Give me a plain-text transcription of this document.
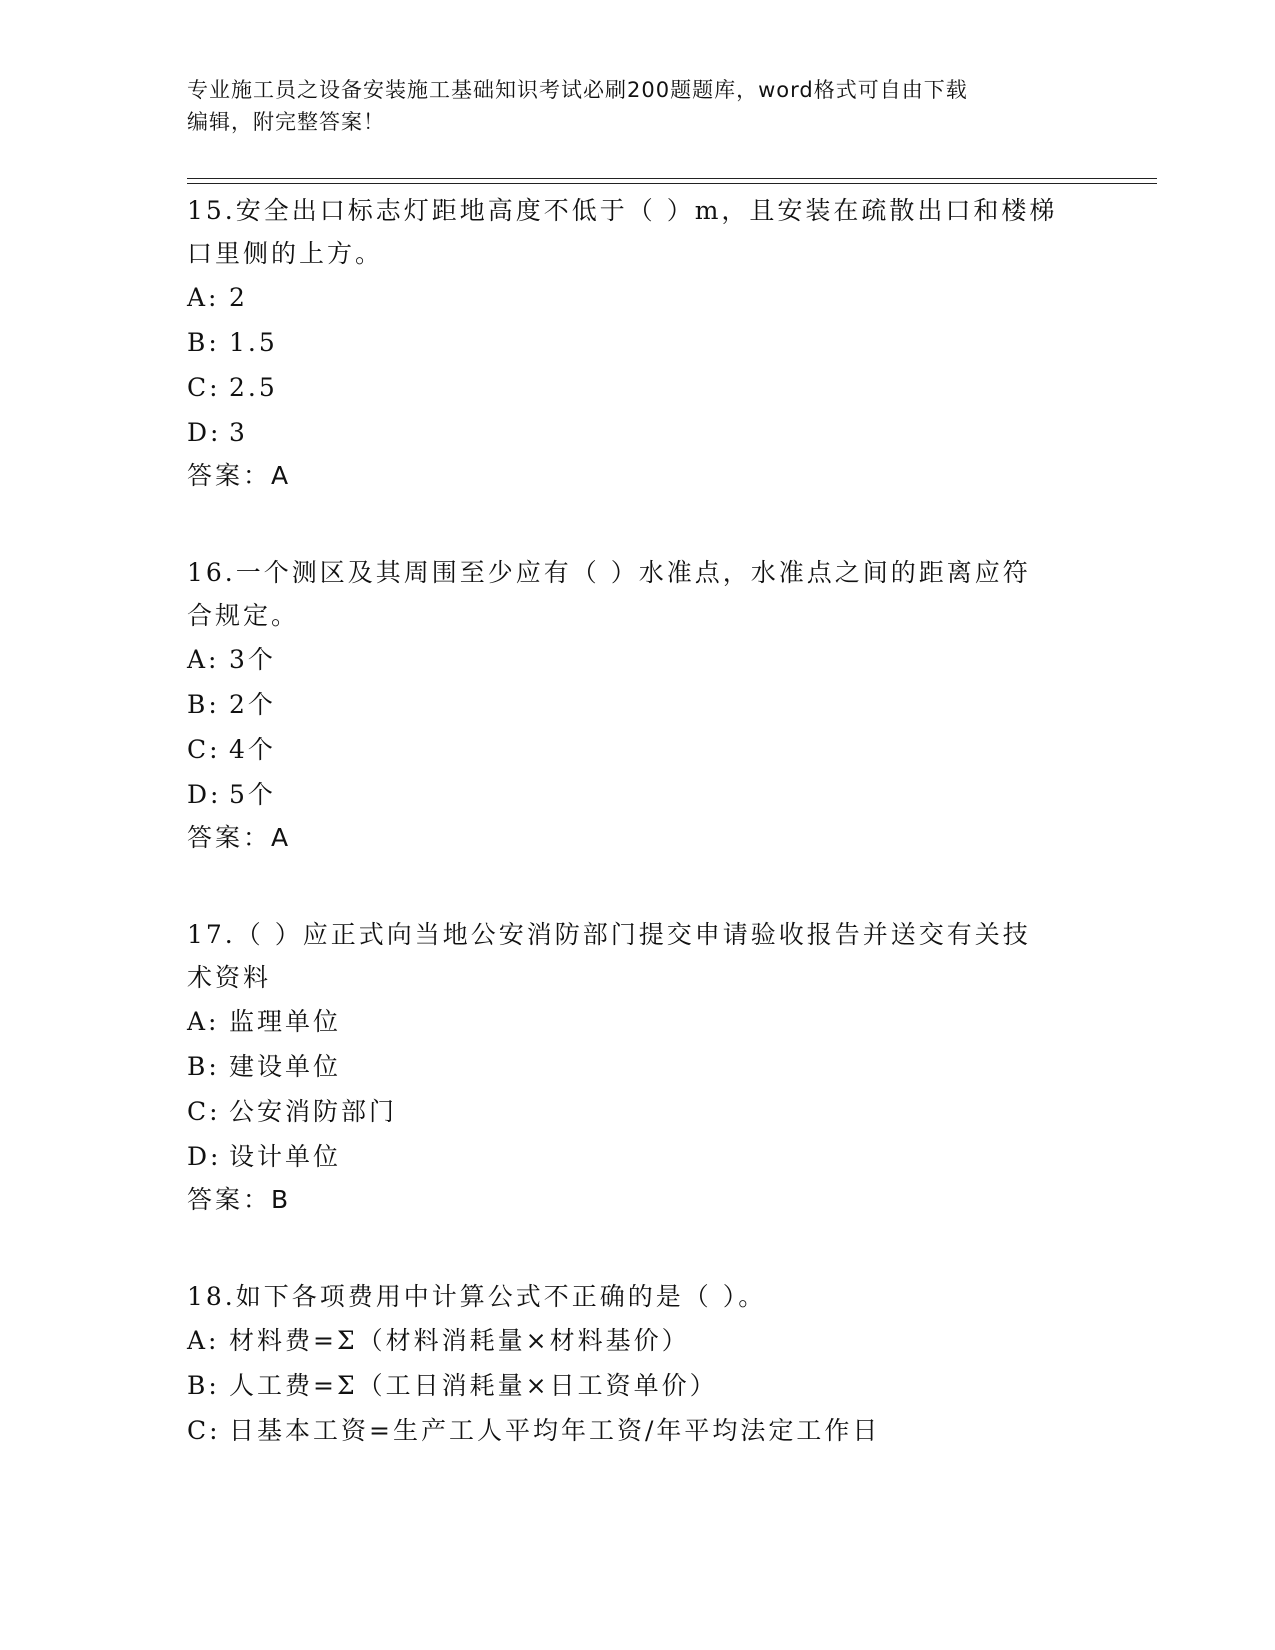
专业施工员之设备安装施工基础知识考试必刷200题题库，word格式可自由下载
编辑，附完整答案！

15.安全出口标志灯距地高度不低于（ ）m，且安装在疏散出口和楼梯
口里侧的上方。

A: 2

B: 1.5

C: 2.5

D: 3

答案：A

16.一个测区及其周围至少应有（ ）水准点，水准点之间的距离应符
合规定。

A: 3个

B: 2个

C: 4个

D: 5个

答案：A

17.（ ）应正式向当地公安消防部门提交申请验收报告并送交有关技
术资料

A: 监理单位

B: 建设单位

C: 公安消防部门

D: 设计单位

答案：B

18.如下各项费用中计算公式不正确的是（ ）。

A: 材料费=Σ（材料消耗量×材料基价）

B: 人工费=Σ（工日消耗量×日工资单价）

C: 日基本工资=生产工人平均年工资/年平均法定工作日
